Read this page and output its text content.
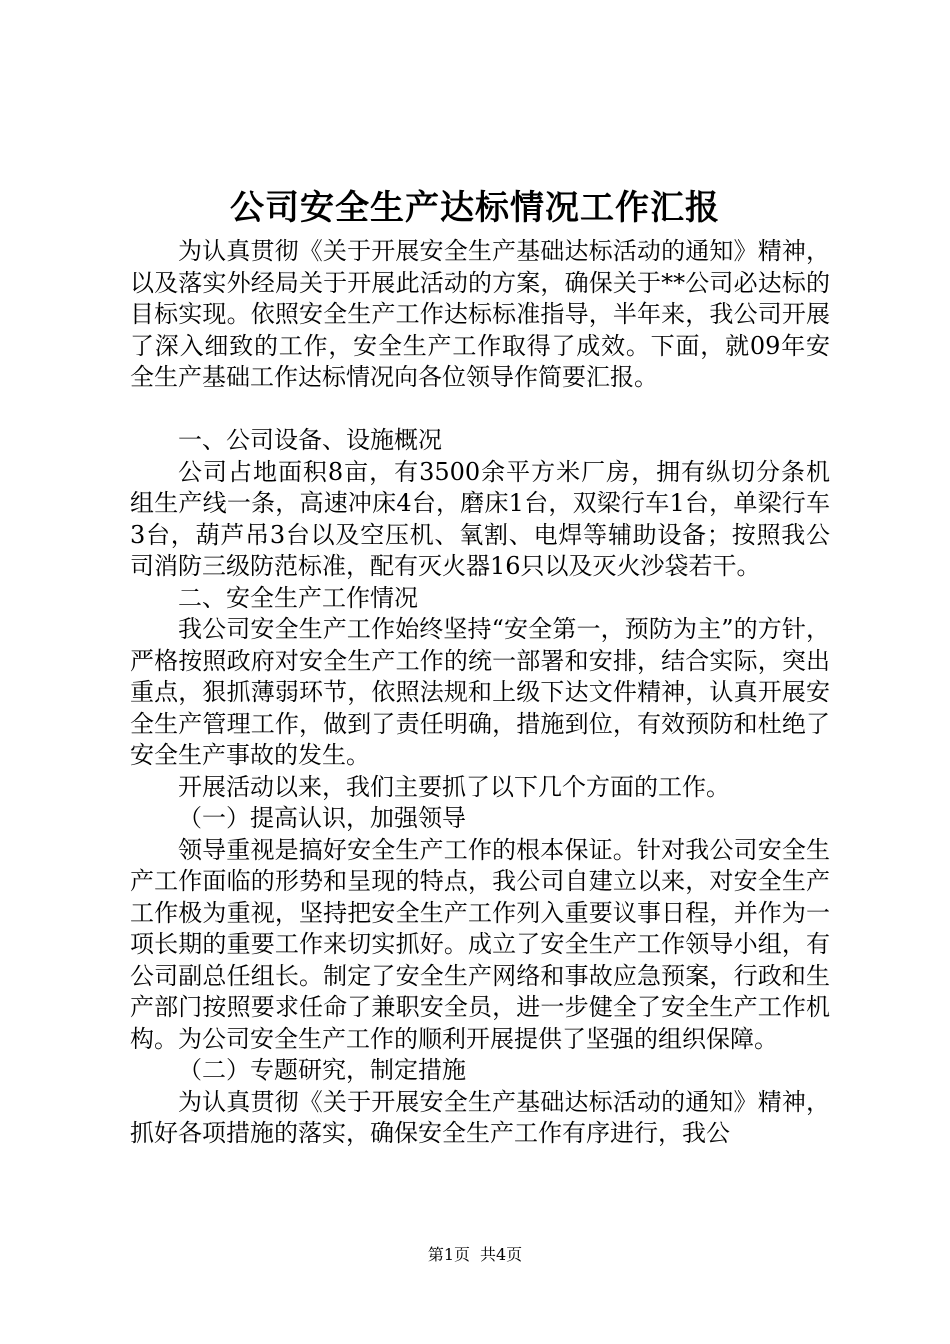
公司安全生产达标情况工作汇报

为认真贯彻《关于开展安全生产基础达标活动的通知》精神，以及落实外经局关于开展此活动的方案，确保关于**公司必达标的目标实现。依照安全生产工作达标标准指导，半年来，我公司开展了深入细致的工作，安全生产工作取得了成效。下面，就09年安全生产基础工作达标情况向各位领导作简要汇报。

一、公司设备、设施概况

公司占地面积8亩，有3500余平方米厂房，拥有纵切分条机组生产线一条，高速冲床4台，磨床1台，双梁行车1台，单梁行车3台，葫芦吊3台以及空压机、氧割、电焊等辅助设备；按照我公司消防三级防范标准，配有灭火器16只以及灭火沙袋若干。

二、安全生产工作情况

我公司安全生产工作始终坚持“安全第一，预防为主”的方针，严格按照政府对安全生产工作的统一部署和安排，结合实际，突出重点，狠抓薄弱环节，依照法规和上级下达文件精神，认真开展安全生产管理工作，做到了责任明确，措施到位，有效预防和杜绝了安全生产事故的发生。

开展活动以来，我们主要抓了以下几个方面的工作。

（一）提高认识，加强领导

领导重视是搞好安全生产工作的根本保证。针对我公司安全生产工作面临的形势和呈现的特点，我公司自建立以来，对安全生产工作极为重视，坚持把安全生产工作列入重要议事日程，并作为一项长期的重要工作来切实抓好。成立了安全生产工作领导小组，有公司副总任组长。制定了安全生产网络和事故应急预案，行政和生产部门按照要求任命了兼职安全员，进一步健全了安全生产工作机构。为公司安全生产工作的顺利开展提供了坚强的组织保障。

（二）专题研究，制定措施

为认真贯彻《关于开展安全生产基础达标活动的通知》精神，抓好各项措施的落实，确保安全生产工作有序进行，我公

第1页 共4页
